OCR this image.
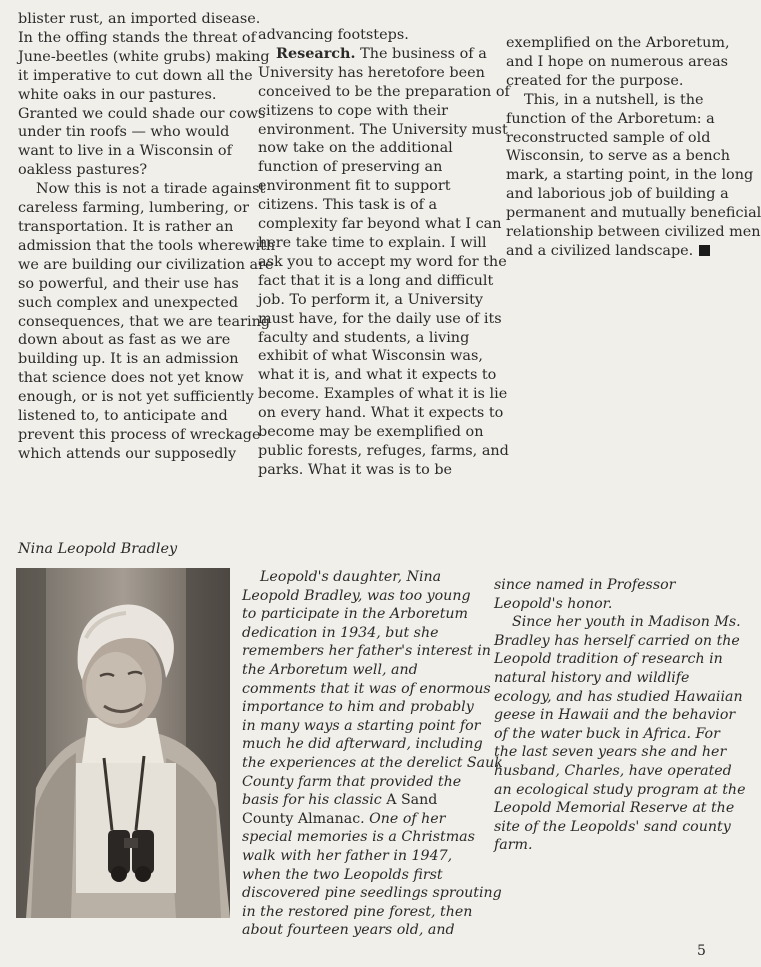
blister rust, an imported disease.
In the offing stands the threat of
June-beetles (white grubs) making
it imperative to cut down all the
white oaks in our pastures.
Granted we could shade our cows
under tin roofs — who would
want to live in a Wisconsin of
oakless pastures?
Now this is not a tirade against
careless farming, lumbering, or
transportation. It is rather an
admission that the tools wherewith
we are building our civilization are
so powerful, and their use has
such complex and unexpected
consequences, that we are tearing
down about as fast as we are
building up. It is an admission
that science does not yet know
enough, or is not yet sufficiently
listened to, to anticipate and
prevent this process of wreckage
which attends our supposedly
advancing footsteps.
Research. The business of a
University has heretofore been
conceived to be the preparation of
citizens to cope with their
environment. The University must
now take on the additional
function of preserving an
environment fit to support
citizens. This task is of a
complexity far beyond what I can
here take time to explain. I will
ask you to accept my word for the
fact that it is a long and difficult
job. To perform it, a University
must have, for the daily use of its
faculty and students, a living
exhibit of what Wisconsin was,
what it is, and what it expects to
become. Examples of what it is lie
on every hand. What it expects to
become may be exemplified on
public forests, refuges, farms, and
parks. What it was is to be
exemplified on the Arboretum,
and I hope on numerous areas
created for the purpose.
This, in a nutshell, is the
function of the Arboretum: a
reconstructed sample of old
Wisconsin, to serve as a bench
mark, a starting point, in the long
and laborious job of building a
permanent and mutually beneficial
relationship between civilized men
and a civilized landscape.
Nina Leopold Bradley
Leopold's daughter, Nina
Leopold Bradley, was too young
to participate in the Arboretum
dedication in 1934, but she
remembers her father's interest in
the Arboretum well, and
comments that it was of enormous
importance to him and probably
in many ways a starting point for
much he did afterward, including
the experiences at the derelict Sauk
County farm that provided the
basis for his classic A Sand
County Almanac. One of her
special memories is a Christmas
walk with her father in 1947,
when the two Leopolds first
discovered pine seedlings sprouting
in the restored pine forest, then
about fourteen years old, and
since named in Professor
Leopold's honor.
Since her youth in Madison Ms.
Bradley has herself carried on the
Leopold tradition of research in
natural history and wildlife
ecology, and has studied Hawaiian
geese in Hawaii and the behavior
of the water buck in Africa. For
the last seven years she and her
husband, Charles, have operated
an ecological study program at the
Leopold Memorial Reserve at the
site of the Leopolds' sand county
farm.
5
